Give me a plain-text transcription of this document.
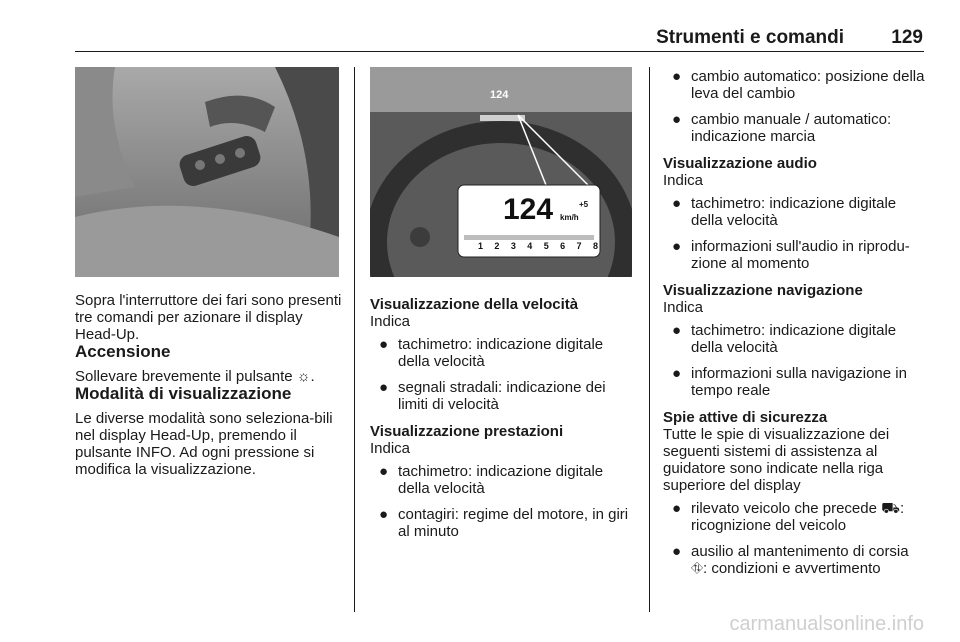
Strumenti e comandi 129
124
124 km/h
+5
1 2 3 4 5 6 7 8

Sopra l'interruttore dei fari sono presenti tre comandi per azionare il display Head-Up.

Accensione

Sollevare brevemente il pulsante ☼.

Modalità di visualizzazione

Le diverse modalità sono seleziona-bili nel display Head-Up, premendo il pulsante INFO. Ad ogni pressione si modifica la visualizzazione.

Visualizzazione della velocità

Indica

● tachimetro: indicazione digitale della velocità
● segnali stradali: indicazione dei limiti di velocità

Visualizzazione prestazioni

Indica

● tachimetro: indicazione digitale della velocità
● contagiri: regime del motore, in giri al minuto
● cambio automatico: posizione della leva del cambio
● cambio manuale / automatico: indicazione marcia

Visualizzazione audio

Indica

● tachimetro: indicazione digitale della velocità
● informazioni sull'audio in riprodu-zione al momento

Visualizzazione navigazione

Indica

● tachimetro: indicazione digitale della velocità
● informazioni sulla navigazione in tempo reale

Spie attive di sicurezza

Tutte le spie di visualizzazione dei seguenti sistemi di assistenza al guidatore sono indicate nella riga superiore del display

● rilevato veicolo che precede ⛟: ricognizione del veicolo
● ausilio al mantenimento di corsia ⛗: condizioni e avvertimento
carmanualsonline.info
